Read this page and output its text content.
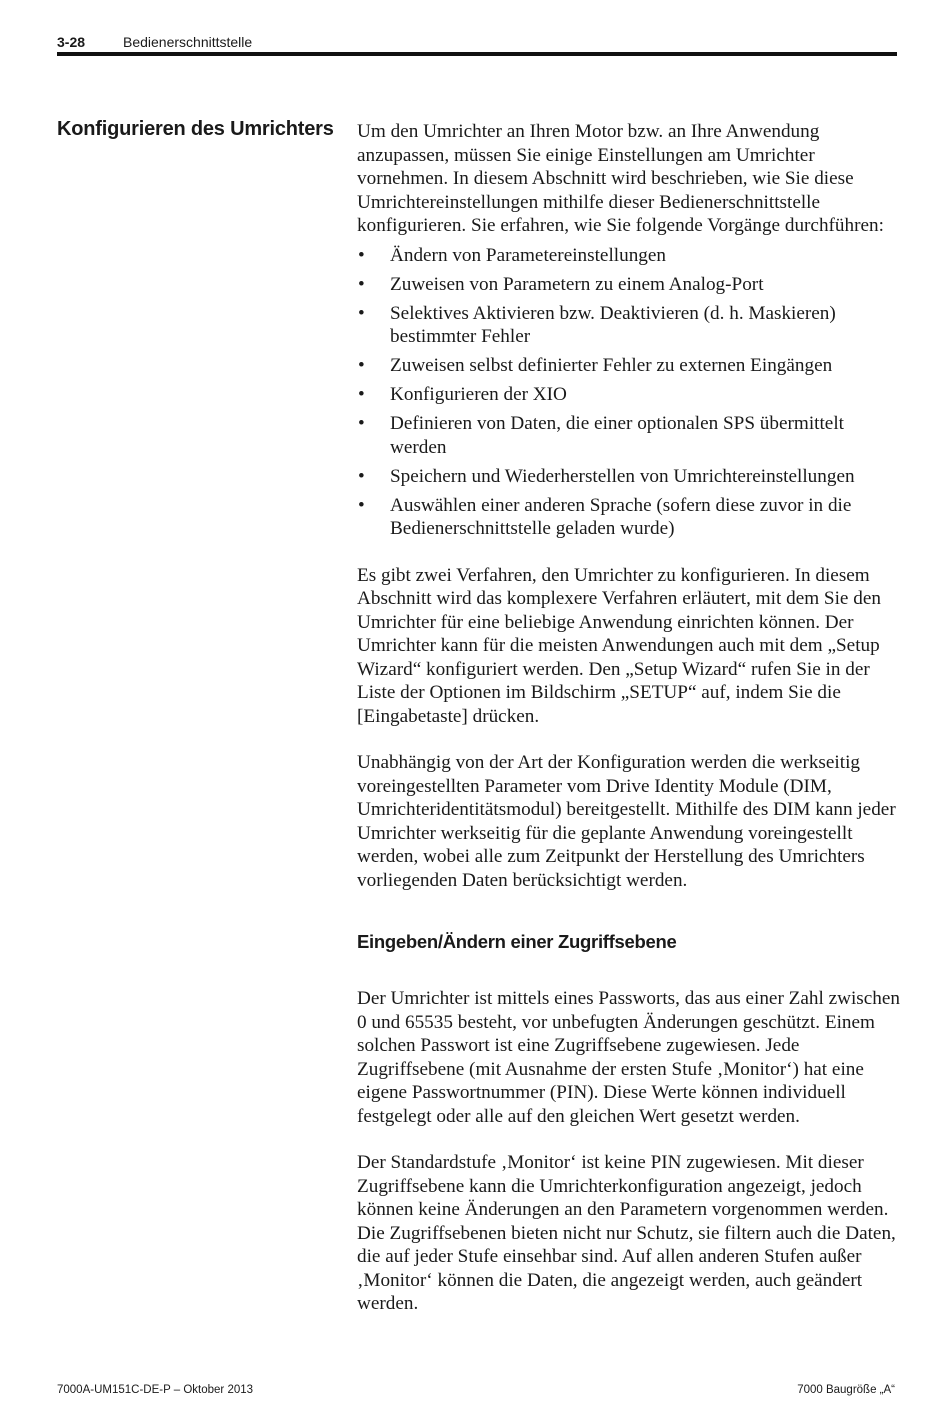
3-28	Bedienerschnittstelle
Konfigurieren des Umrichters	Um den Umrichter an Ihren Motor bzw. an Ihre Anwendung anzupassen, müssen Sie einige Einstellungen am Umrichter vornehmen. In diesem Abschnitt wird beschrieben, wie Sie diese Umrichtereinstellungen mithilfe dieser Bedienerschnittstelle konfigurieren. Sie erfahren, wie Sie folgende Vorgänge durchführen:

• Ändern von Parametereinstellungen
• Zuweisen von Parametern zu einem Analog-Port
• Selektives Aktivieren bzw. Deaktivieren (d. h. Maskieren) bestimmter Fehler
• Zuweisen selbst definierter Fehler zu externen Eingängen
• Konfigurieren der XIO
• Definieren von Daten, die einer optionalen SPS übermittelt werden
• Speichern und Wiederherstellen von Umrichtereinstellungen
• Auswählen einer anderen Sprache (sofern diese zuvor in die Bedienerschnittstelle geladen wurde)

Es gibt zwei Verfahren, den Umrichter zu konfigurieren. In diesem Abschnitt wird das komplexere Verfahren erläutert, mit dem Sie den Umrichter für eine beliebige Anwendung einrichten können. Der Umrichter kann für die meisten Anwendungen auch mit dem „Setup Wizard“ konfiguriert werden. Den „Setup Wizard“ rufen Sie in der Liste der Optionen im Bildschirm „SETUP“ auf, indem Sie die [Eingabetaste] drücken.

Unabhängig von der Art der Konfiguration werden die werkseitig voreingestellten Parameter vom Drive Identity Module (DIM, Umrichteridentitätsmodul) bereitgestellt. Mithilfe des DIM kann jeder Umrichter werkseitig für die geplante Anwendung voreingestellt werden, wobei alle zum Zeitpunkt der Herstellung des Umrichters vorliegenden Daten berücksichtigt werden.

Eingeben/Ändern einer Zugriffsebene

Der Umrichter ist mittels eines Passworts, das aus einer Zahl zwischen 0 und 65535 besteht, vor unbefugten Änderungen geschützt. Einem solchen Passwort ist eine Zugriffsebene zugewiesen. Jede Zugriffsebene (mit Ausnahme der ersten Stufe ‚Monitor‘) hat eine eigene Passwortnummer (PIN). Diese Werte können individuell festgelegt oder alle auf den gleichen Wert gesetzt werden.

Der Standardstufe ‚Monitor‘ ist keine PIN zugewiesen. Mit dieser Zugriffsebene kann die Umrichterkonfiguration angezeigt, jedoch können keine Änderungen an den Parametern vorgenommen werden. Die Zugriffsebenen bieten nicht nur Schutz, sie filtern auch die Daten, die auf jeder Stufe einsehbar sind. Auf allen anderen Stufen außer ‚Monitor‘ können die Daten, die angezeigt werden, auch geändert werden.

7000A-UM151C-DE-P – Oktober 2013	7000 Baugröße „A“
